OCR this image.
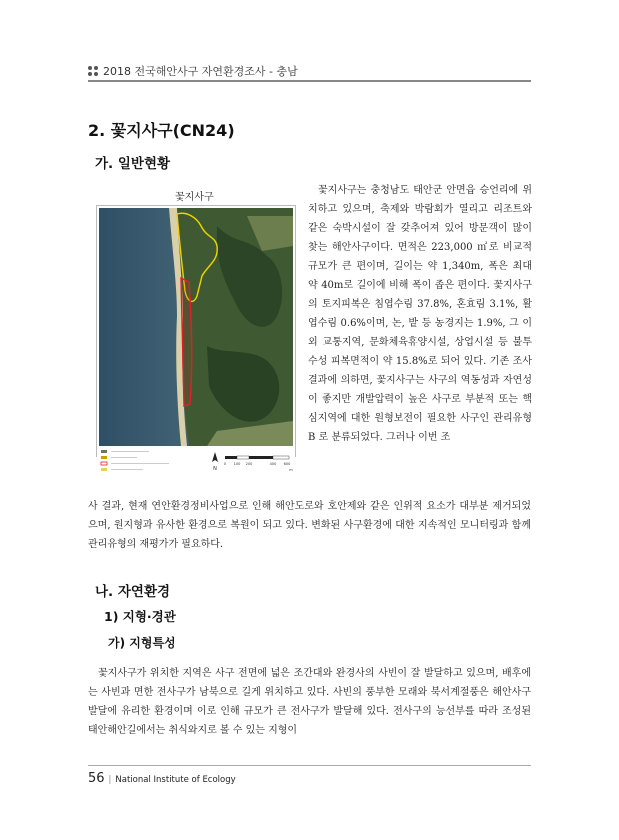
2018 전국해안사구 자연환경조사 - 충남
2. 꽃지사구(CN24)
가. 일반현황
꽃지사구
N
0 100 200	400 600
m
꽃지사구는 충청남도 태안군 안면읍 승언리에 위치하고 있으며, 축제와 박람회가 열리고 리조트와 같은 숙박시설이 잘 갖추어져 있어 방문객이 많이 찾는 해안사구이다. 면적은 223,000 ㎡로 비교적 규모가 큰 편이며, 길이는 약 1,340m, 폭은 최대 약 40m로 길이에 비해 폭이 좁은 편이다. 꽃지사구의 토지피복은 침엽수림 37.8%, 혼효림 3.1%, 활엽수림 0.6%이며, 논, 밭 등 농경지는 1.9%, 그 이외 교통지역, 문화체육휴양시설, 상업시설 등 불투수성 피복면적이 약 15.8%로 되어 있다. 기존 조사결과에 의하면, 꽃지사구는 사구의 역동성과 자연성이 좋지만 개발압력이 높은 사구로 부분적 또는 핵심지역에 대한 원형보전이 필요한 사구인 관리유형 B 로 분류되었다. 그러나 이번 조
사 결과, 현재 연안환경정비사업으로 인해 해안도로와 호안제와 같은 인위적 요소가 대부분 제거되었으며, 원지형과 유사한 환경으로 복원이 되고 있다. 변화된 사구환경에 대한 지속적인 모니터링과 함께 관리유형의 재평가가 필요하다.
나. 자연환경
1) 지형·경관
가) 지형특성
꽃지사구가 위치한 지역은 사구 전면에 넓은 조간대와 완경사의 사빈이 잘 발달하고 있으며, 배후에는 사빈과 면한 전사구가 남북으로 길게 위치하고 있다. 사빈의 풍부한 모래와 북서계절풍은 해안사구발달에 유리한 환경이며 이로 인해 규모가 큰 전사구가 발달해 있다. 전사구의 능선부를 따라 조성된 태안해안길에서는 취식와지로 볼 수 있는 지형이
56 | National Institute of Ecology
